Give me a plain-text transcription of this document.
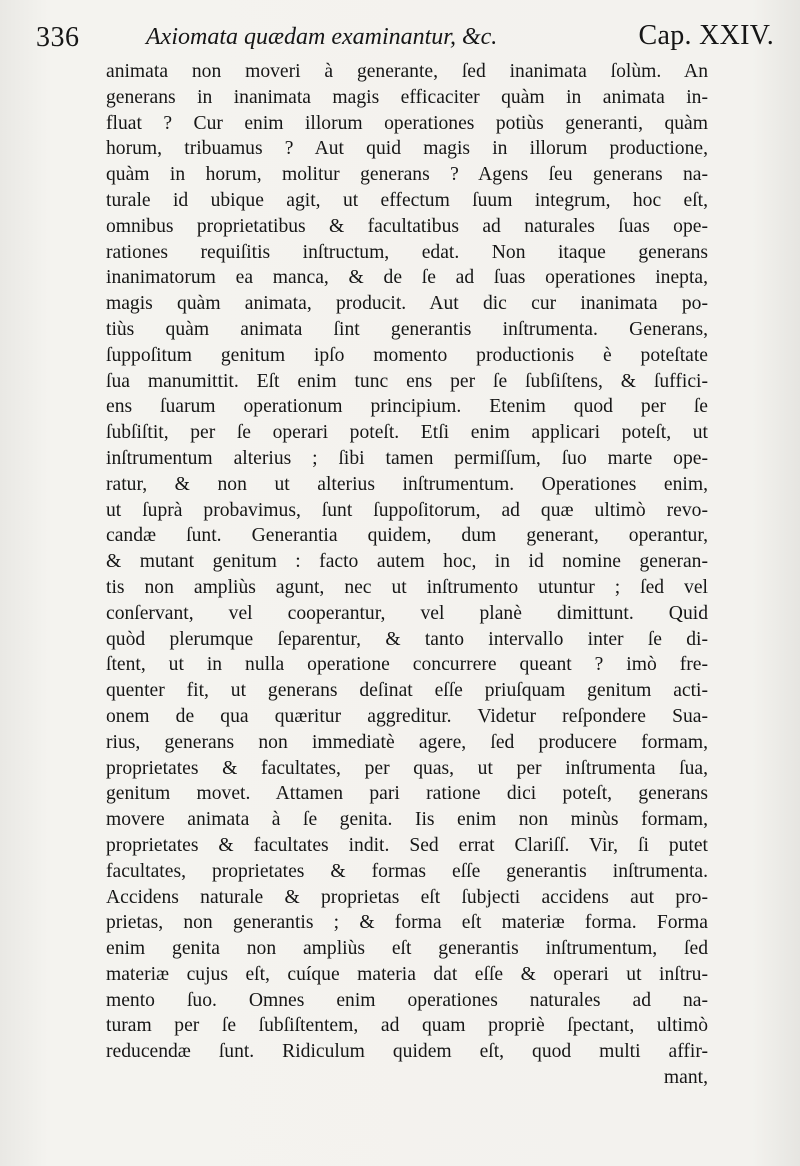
336	Axiomata quædam examinantur, &c.	Cap. XXIV.
animata non moveri à generante, ſed inanimata ſolùm. An
generans in inanimata magis efficaciter quàm in animata in-
fluat ? Cur enim illorum operationes potiùs generanti, quàm
horum, tribuamus ? Aut quid magis in illorum productione,
quàm in horum, molitur generans ? Agens ſeu generans na-
turale id ubique agit, ut effectum ſuum integrum, hoc eſt,
omnibus proprietatibus & facultatibus ad naturales ſuas ope-
rationes requiſitis inſtructum, edat. Non itaque generans
inanimatorum ea manca, & de ſe ad ſuas operationes inepta,
magis quàm animata, producit. Aut dic cur inanimata po-
tiùs quàm animata ſint generantis inſtrumenta. Generans,
ſuppoſitum genitum ipſo momento productionis è poteſtate
ſua manumittit. Eſt enim tunc ens per ſe ſubſiſtens, & ſuffici-
ens ſuarum operationum principium. Etenim quod per ſe
ſubſiſtit, per ſe operari poteſt. Etſi enim applicari poteſt, ut
inſtrumentum alterius ; ſibi tamen permiſſum, ſuo marte ope-
ratur, & non ut alterius inſtrumentum. Operationes enim,
ut ſuprà probavimus, ſunt ſuppoſitorum, ad quæ ultimò revo-
candæ ſunt. Generantia quidem, dum generant, operantur,
& mutant genitum : facto autem hoc, in id nomine generan-
tis non ampliùs agunt, nec ut inſtrumento utuntur ; ſed vel
conſervant, vel cooperantur, vel planè dimittunt. Quid
quòd plerumque ſeparentur, & tanto intervallo inter ſe di-
ſtent, ut in nulla operatione concurrere queant ? imò fre-
quenter fit, ut generans deſinat eſſe priuſquam genitum acti-
onem de qua quæritur aggreditur. Videtur reſpondere Sua-
rius, generans non immediatè agere, ſed producere formam,
proprietates & facultates, per quas, ut per inſtrumenta ſua,
genitum movet. Attamen pari ratione dici poteſt, generans
movere animata à ſe genita. Iis enim non minùs formam,
proprietates & facultates indit. Sed errat Clariſſ. Vir, ſi putet
facultates, proprietates & formas eſſe generantis inſtrumenta.
Accidens naturale & proprietas eſt ſubjecti accidens aut pro-
prietas, non generantis ; & forma eſt materiæ forma. Forma
enim genita non ampliùs eſt generantis inſtrumentum, ſed
materiæ cujus eſt, cuíque materia dat eſſe & operari ut inſtru-
mento ſuo. Omnes enim operationes naturales ad na-
turam per ſe ſubſiſtentem, ad quam propriè ſpectant, ultimò
reducendæ ſunt. Ridiculum quidem eſt, quod multi affir-
mant,
